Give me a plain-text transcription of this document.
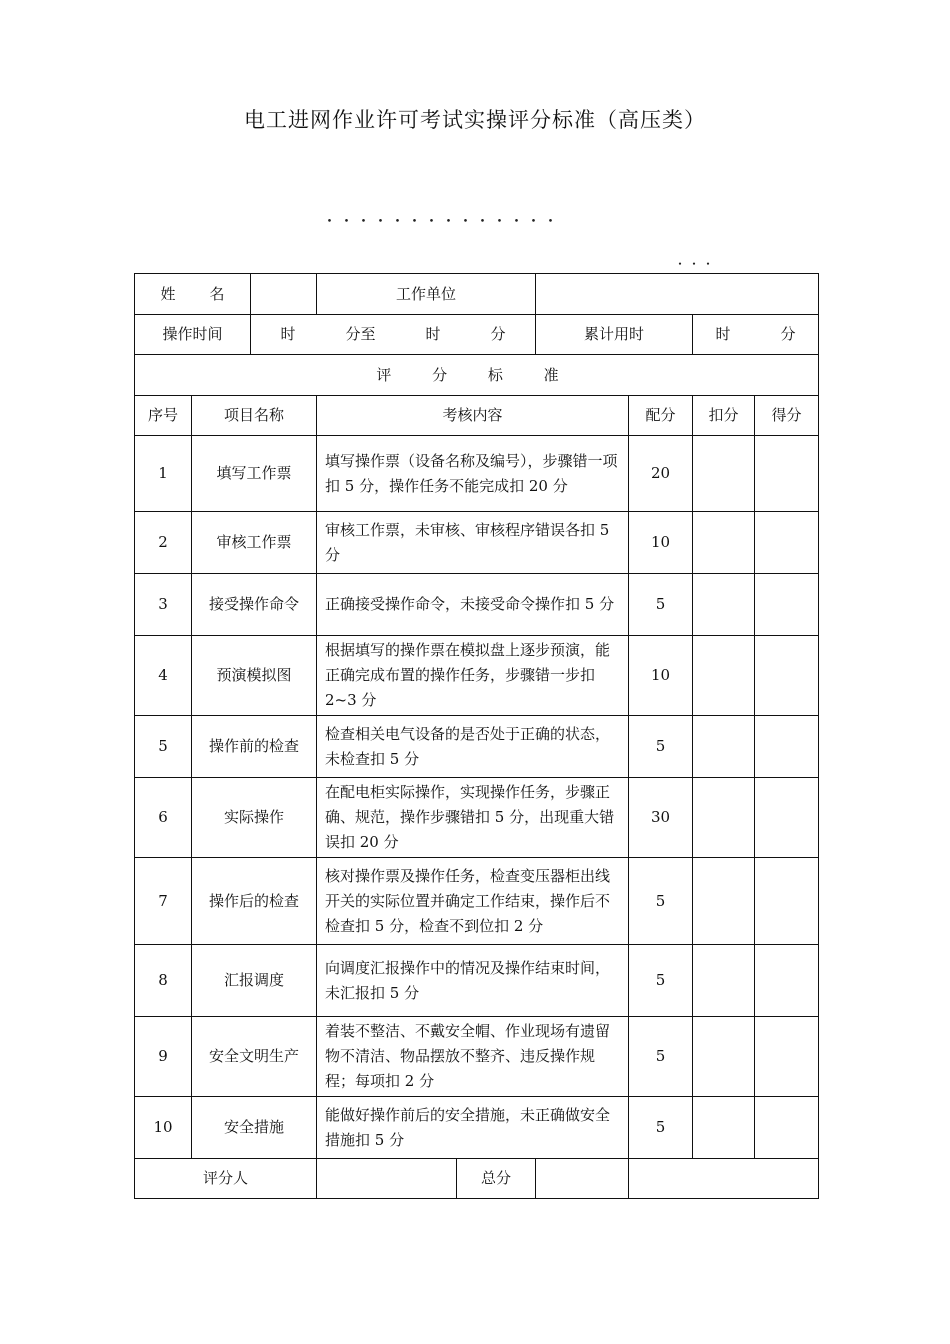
电工进网作业许可考试实操评分标准（高压类）
・・・・・・・・・・・・・・
・・・
姓 名			工作单位					
操作时间		时 分至 时 分			累计用时		时 分	
评 分 标 准								
序号	项目名称		考核内容			配分	扣分	得分
1	填写工作票		填写操作票（设备名称及编号），步骤错一项扣 5 分，操作任务不能完成扣 20 分			20		
2	审核工作票		审核工作票，未审核、审核程序错误各扣 5 分			10		
3	接受操作命令		正确接受操作命令，未接受命令操作扣 5 分			5		
4	预演模拟图		根据填写的操作票在模拟盘上逐步预演，能正确完成布置的操作任务，步骤错一步扣 2~3 分			10		
5	操作前的检查		检查相关电气设备的是否处于正确的状态，未检查扣 5 分			5		
6	实际操作		在配电柜实际操作，实现操作任务，步骤正确、规范，操作步骤错扣 5 分，出现重大错误扣 20 分			30		
7	操作后的检查		核对操作票及操作任务，检查变压器柜出线开关的实际位置并确定工作结束，操作后不检查扣 5 分，检查不到位扣 2 分			5		
8	汇报调度		向调度汇报操作中的情况及操作结束时间，未汇报扣 5 分			5		
9	安全文明生产		着装不整洁、不戴安全帽、作业现场有遗留物不清洁、物品摆放不整齐、违反操作规程；每项扣 2 分			5		
10	安全措施		能做好操作前后的安全措施，未正确做安全措施扣 5 分			5		
评分人				总分				
